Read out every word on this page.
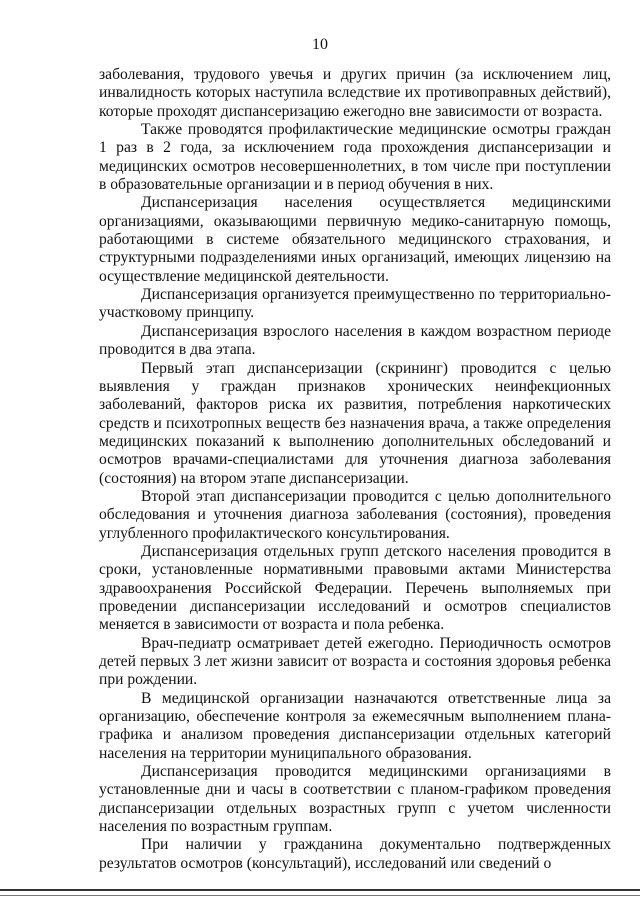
10

заболевания, трудового увечья и других причин (за исключением лиц, инвалидность которых наступила вследствие их противоправных действий), которые проходят диспансеризацию ежегодно вне зависимости от возраста.

Также проводятся профилактические медицинские осмотры граждан 1 раз в 2 года, за исключением года прохождения диспансеризации и медицинских осмотров несовершеннолетних, в том числе при поступлении в образовательные организации и в период обучения в них.

Диспансеризация населения осуществляется медицинскими организациями, оказывающими первичную медико-санитарную помощь, работающими в системе обязательного медицинского страхования, и структурными подразделениями иных организаций, имеющих лицензию на осуществление медицинской деятельности.

Диспансеризация организуется преимущественно по территориально-участковому принципу.

Диспансеризация взрослого населения в каждом возрастном периоде проводится в два этапа.

Первый этап диспансеризации (скрининг) проводится с целью выявления у граждан признаков хронических неинфекционных заболеваний, факторов риска их развития, потребления наркотических средств и психотропных веществ без назначения врача, а также определения медицинских показаний к выполнению дополнительных обследований и осмотров врачами-специалистами для уточнения диагноза заболевания (состояния) на втором этапе диспансеризации.

Второй этап диспансеризации проводится с целью дополнительного обследования и уточнения диагноза заболевания (состояния), проведения углубленного профилактического консультирования.

Диспансеризация отдельных групп детского населения проводится в сроки, установленные нормативными правовыми актами Министерства здравоохранения Российской Федерации. Перечень выполняемых при проведении диспансеризации исследований и осмотров специалистов меняется в зависимости от возраста и пола ребенка.

Врач-педиатр осматривает детей ежегодно. Периодичность осмотров детей первых 3 лет жизни зависит от возраста и состояния здоровья ребенка при рождении.

В медицинской организации назначаются ответственные лица за организацию, обеспечение контроля за ежемесячным выполнением плана-графика и анализом проведения диспансеризации отдельных категорий населения на территории муниципального образования.

Диспансеризация проводится медицинскими организациями в установленные дни и часы в соответствии с планом-графиком проведения диспансеризации отдельных возрастных групп с учетом численности населения по возрастным группам.

При наличии у гражданина документально подтвержденных результатов осмотров (консультаций), исследований или сведений о
